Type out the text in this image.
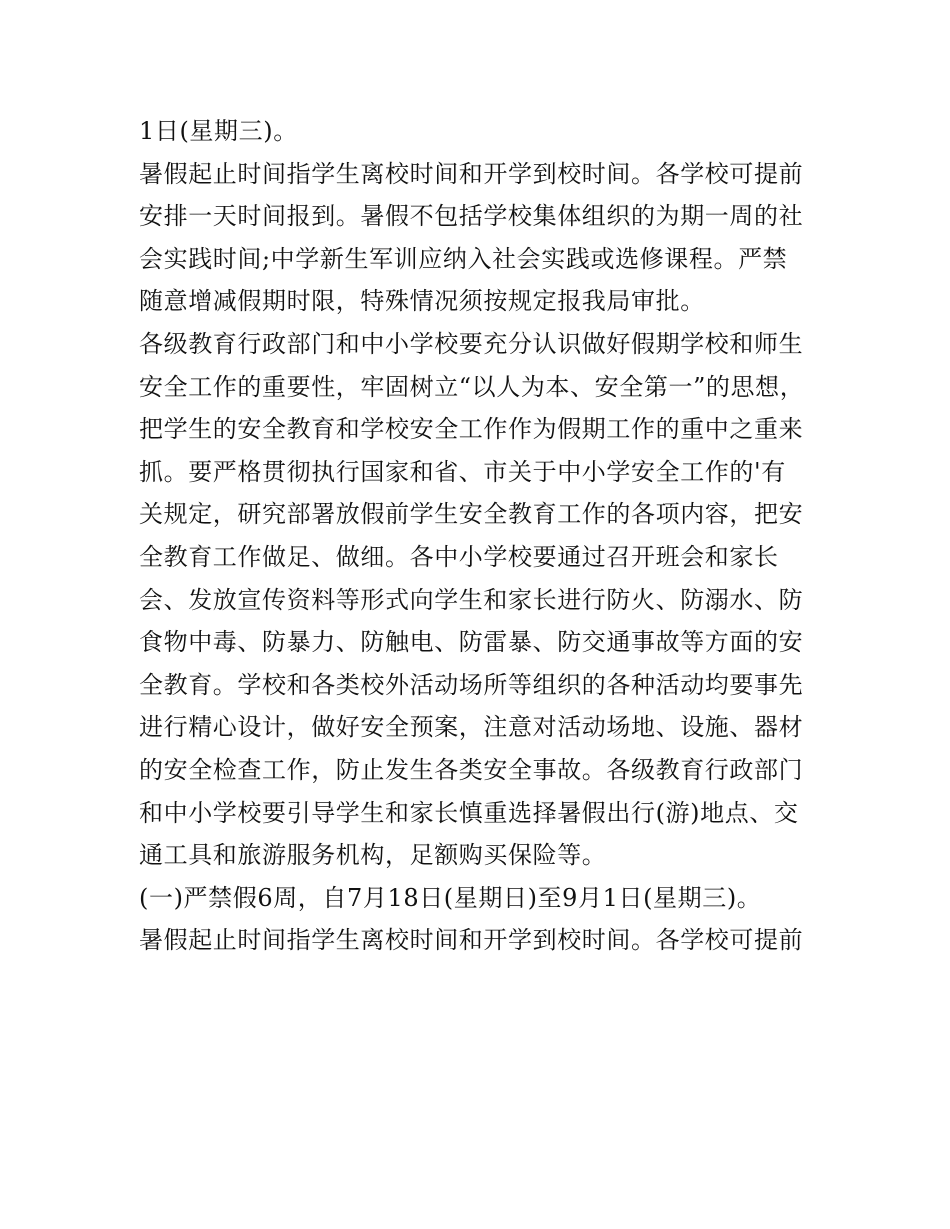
1日(星期三)。
暑假起止时间指学生离校时间和开学到校时间。各学校可提前
安排一天时间报到。暑假不包括学校集体组织的为期一周的社
会实践时间;中学新生军训应纳入社会实践或选修课程。严禁
随意增减假期时限，特殊情况须按规定报我局审批。
各级教育行政部门和中小学校要充分认识做好假期学校和师生
安全工作的重要性，牢固树立“以人为本、安全第一”的思想，
把学生的安全教育和学校安全工作作为假期工作的重中之重来
抓。要严格贯彻执行国家和省、市关于中小学安全工作的'有
关规定，研究部署放假前学生安全教育工作的各项内容，把安
全教育工作做足、做细。各中小学校要通过召开班会和家长
会、发放宣传资料等形式向学生和家长进行防火、防溺水、防
食物中毒、防暴力、防触电、防雷暴、防交通事故等方面的安
全教育。学校和各类校外活动场所等组织的各种活动均要事先
进行精心设计，做好安全预案，注意对活动场地、设施、器材
的安全检查工作，防止发生各类安全事故。各级教育行政部门
和中小学校要引导学生和家长慎重选择暑假出行(游)地点、交
通工具和旅游服务机构，足额购买保险等。
(一)严禁假6周，自7月18日(星期日)至9月1日(星期三)。
暑假起止时间指学生离校时间和开学到校时间。各学校可提前
